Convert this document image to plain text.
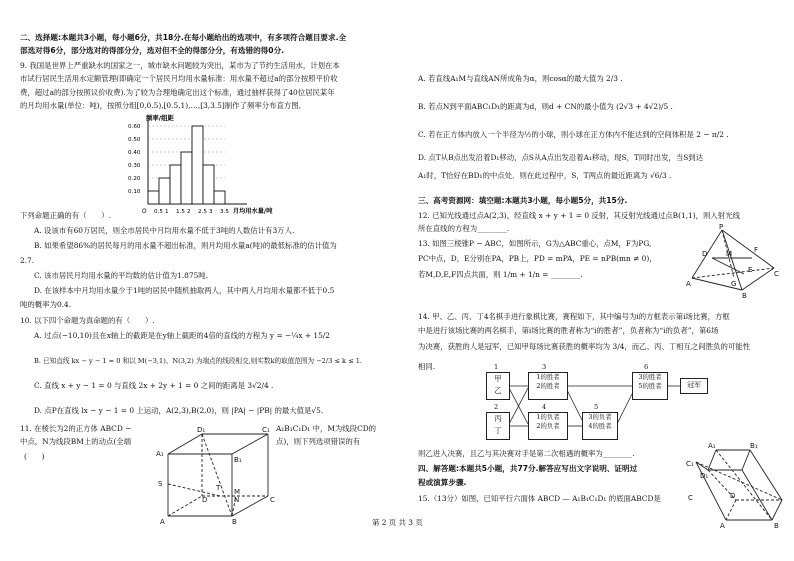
二、选择题:本题共3小题，每小题6分，共18分.在每小题给出的选项中，有多项符合题目要求.全
部选对得6分，部分选对的得部分分，选对但不全的得部分分，有选错的得0分.
9. 我国是世界上严重缺水的国家之一，城市缺水问题较为突出，某市为了节约生活用水，计划在本
市试行居民生活用水定额管理(即确定一个居民月均用水量标准：用水量不超过a的部分按照平价收
费，超过a的部分按照议价收费).为了较为合理地确定出这个标准，通过抽样获得了40位居民某年
的月均用水量(单位：吨)，按照分组[0,0.5),[0.5,1),…,[3,3.5]制作了频率分布直方图,
频率/组距
0.60
0.50
0.40
0.30
0.20
0.10
O 0.5 1 1.5 2 2.5 3 3.5 月均用水量/吨
下列命题正确的有（　　）.
A. 设该市有60万居民，则全市居民中月均用水量不低于3吨的人数估计有3万人.
B. 如果希望86%的居民每月的用水量不超出标准，则月均用水量a(吨)的最低标准的估计值为
2.7.
C. 该市居民月均用水量的平均数的估计值为1.875吨.
D. 在该样本中月均用水量少于1吨的居民中随机抽取两人，其中两人月均用水量都不低于0.5
吨的概率为0.4.
10. 以下四个命题为真命题的有（　　）.
A. 过点(−10,10)且在x轴上的截距是在y轴上截距的4倍的直线的方程为 y = −¼x + 15/2
B. 已知直线 kx − y − 1 = 0 和以 M(−3,1)、N(3,2) 为端点的线段相交,则实数k的取值范围为 −2/3 ≤ k ≤ 1.
C. 直线 x + y − 1 = 0 与直线 2x + 2y + 1 = 0 之间的距离是 3√2/4 .
D. 点P在直线 lx − y − 1 = 0 上运动，A(2,3),B(2,0)，则 |PA| − |PB| 的最大值是√5.
11. 在棱长为2的正方体 ABCD −	A₁B₁C₁D₁ 中，M为线段CD的
中点，N为线段BM上的动点(全端	点)，则下列选项错误的有
(　　)
D₁	C₁
A₁
B₁
S	T M
N
D	C
A	B
A. 若直线A₁M与直线AN所成角为α，则cosα的最大值为 2/3 .
B. 若点N到平面ABC₁D₁的距离为d，则d + CN的最小值为 (2√3 + 4√2)/5 .
C. 若在正方体内放入一个半径为½的小球，则小球在正方体内不能达到的空间体积是 2 − π/2 .
D. 点T从B点出发沿着D₁移动，点S从A点出发沿着A₁移动，现S，T同时出发，当S到达
A₁时，T恰好在BD₁的中点处．则在此过程中，S，T两点的最近距离为 √6/3 .
三、高考资源网：填空题:本题共3小题，每小题5分，共15分.
12. 已知光线通过点A(2,3)，经直线 x + y + 1 = 0 反射，其反射光线通过点B(1,1)，则入射光线
所在直线的方程为________.
13. 如图三棱锥P − ABC，如图所示，G为△ABC重心，点M，F为PG,
PC中点，D，E分别在PA，PB上，PD = mPA，PE = nPB(mn ≠ 0)，
若M,D,E,F四点共面，则 1/m + 1/n = ________.
P
D	M	F
E
A	G
C
B
14. 甲、乙、丙、丁4名棋手进行象棋比赛，赛程如下，其中编号为i的方框表示第i场比赛，方框
中是进行该场比赛的两名棋手，第i场比赛的胜者称为“i的胜者”，负者称为“i的负者”，第6场
为决赛，获胜的人是冠军，已知甲每场比赛获胜的概率均为 3/4，而乙、丙、丁相互之间胜负的可能性
相同.
甲
乙
丙
丁
3
1的胜者
2的胜者
4
1的负者
2的负者
5
3的负者
4的胜者
6
3的胜者
5的胜者	冠军
1
2
则乙进入决赛，且乙与其决赛对手是第二次相遇的概率为________.
四、解答题:本题共5小题，共77分.解答应写出文字说明、证明过
程或演算步骤.
15.（13分）如图，已知平行六面体 ABCD — A₁B₁C₁D₁ 的底面ABCD是
A₁	B₁
D₁
C₁
D
C
A	B
第 2 页 共 3 页
